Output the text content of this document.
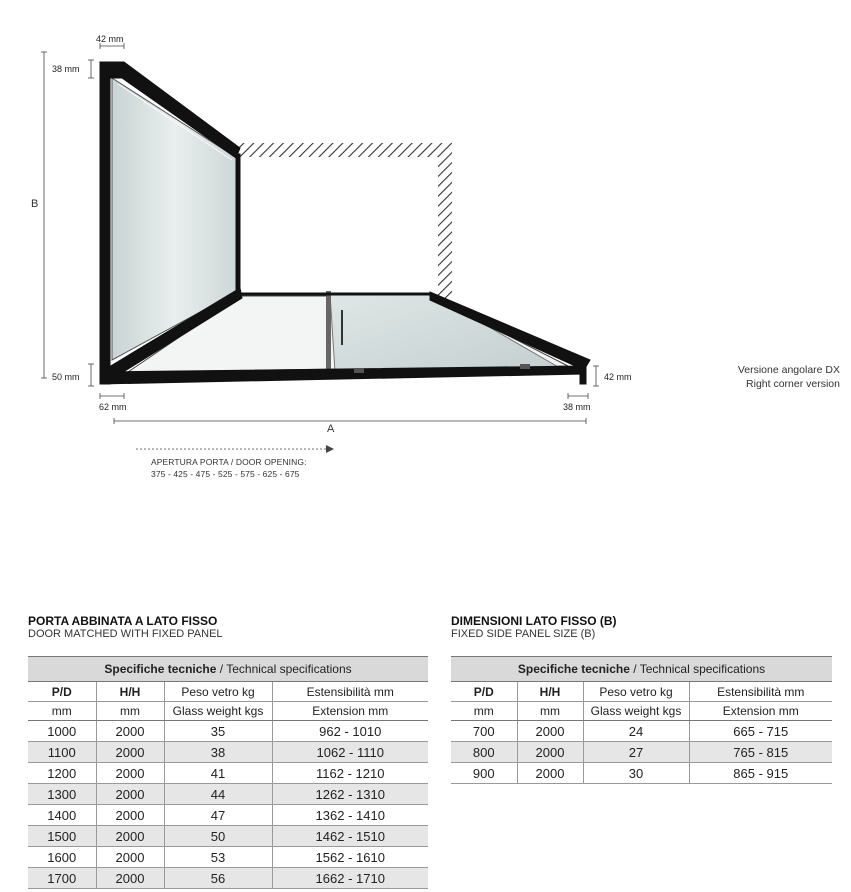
42 mm
38 mm
B
50 mm
62 mm	38 mm
42 mm
A
APERTURA PORTA / DOOR OPENING:
375 - 425 - 475 - 525 - 575 - 625 - 675
Versione angolare DX
Right corner version
PORTA ABBINATA A LATO FISSO
DOOR MATCHED WITH FIXED PANEL
Specifiche tecniche / Technical specifications			
P/D	H/H	Peso vetro kg	Estensibilità mm
mm	mm	Glass weight kgs	Extension mm
1000	2000	35	962 - 1010
1100	2000	38	1062 - 1110
1200	2000	41	1162 - 1210
1300	2000	44	1262 - 1310
1400	2000	47	1362 - 1410
1500	2000	50	1462 - 1510
1600	2000	53	1562 - 1610
1700	2000	56	1662 - 1710
DIMENSIONI LATO FISSO (B)
FIXED SIDE PANEL SIZE (B)
Specifiche tecniche / Technical specifications			
P/D	H/H	Peso vetro kg	Estensibilità mm
mm	mm	Glass weight kgs	Extension mm
700	2000	24	665 - 715
800	2000	27	765 - 815
900	2000	30	865 - 915
